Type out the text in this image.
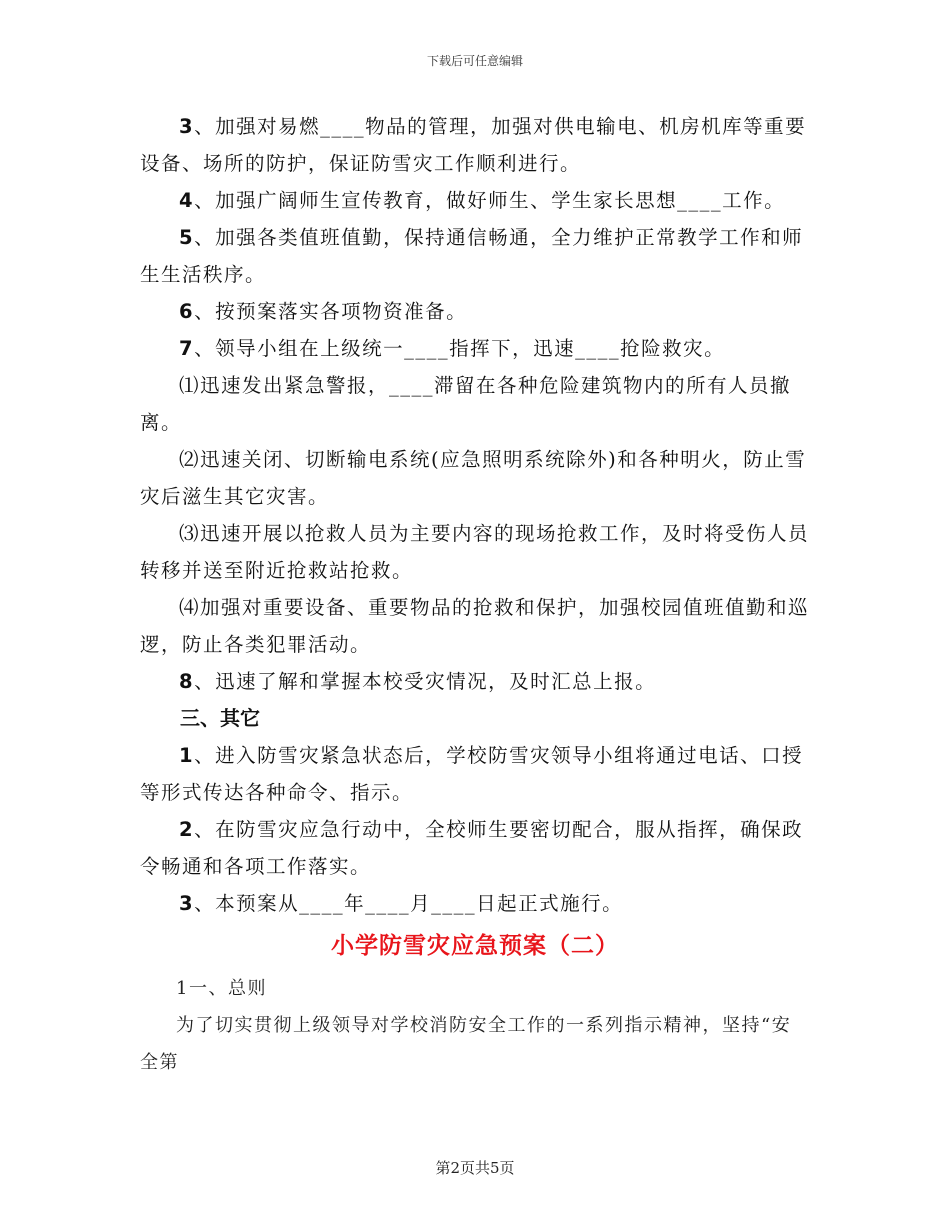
下载后可任意编辑

3、加强对易燃____物品的管理，加强对供电输电、机房机库等重要设备、场所的防护，保证防雪灾工作顺利进行。

4、加强广阔师生宣传教育，做好师生、学生家长思想____工作。

5、加强各类值班值勤，保持通信畅通，全力维护正常教学工作和师生生活秩序。

6、按预案落实各项物资准备。

7、领导小组在上级统一____指挥下，迅速____抢险救灾。

⑴迅速发出紧急警报，____滞留在各种危险建筑物内的所有人员撤离。

⑵迅速关闭、切断输电系统(应急照明系统除外)和各种明火，防止雪灾后滋生其它灾害。

⑶迅速开展以抢救人员为主要内容的现场抢救工作，及时将受伤人员转移并送至附近抢救站抢救。

⑷加强对重要设备、重要物品的抢救和保护，加强校园值班值勤和巡逻，防止各类犯罪活动。

8、迅速了解和掌握本校受灾情况，及时汇总上报。

三、其它

1、进入防雪灾紧急状态后，学校防雪灾领导小组将通过电话、口授等形式传达各种命令、指示。

2、在防雪灾应急行动中，全校师生要密切配合，服从指挥，确保政令畅通和各项工作落实。

3、本预案从____年____月____日起正式施行。

小学防雪灾应急预案（二）

1一、总则

为了切实贯彻上级领导对学校消防安全工作的一系列指示精神，坚持“安全第

第2页共5页
